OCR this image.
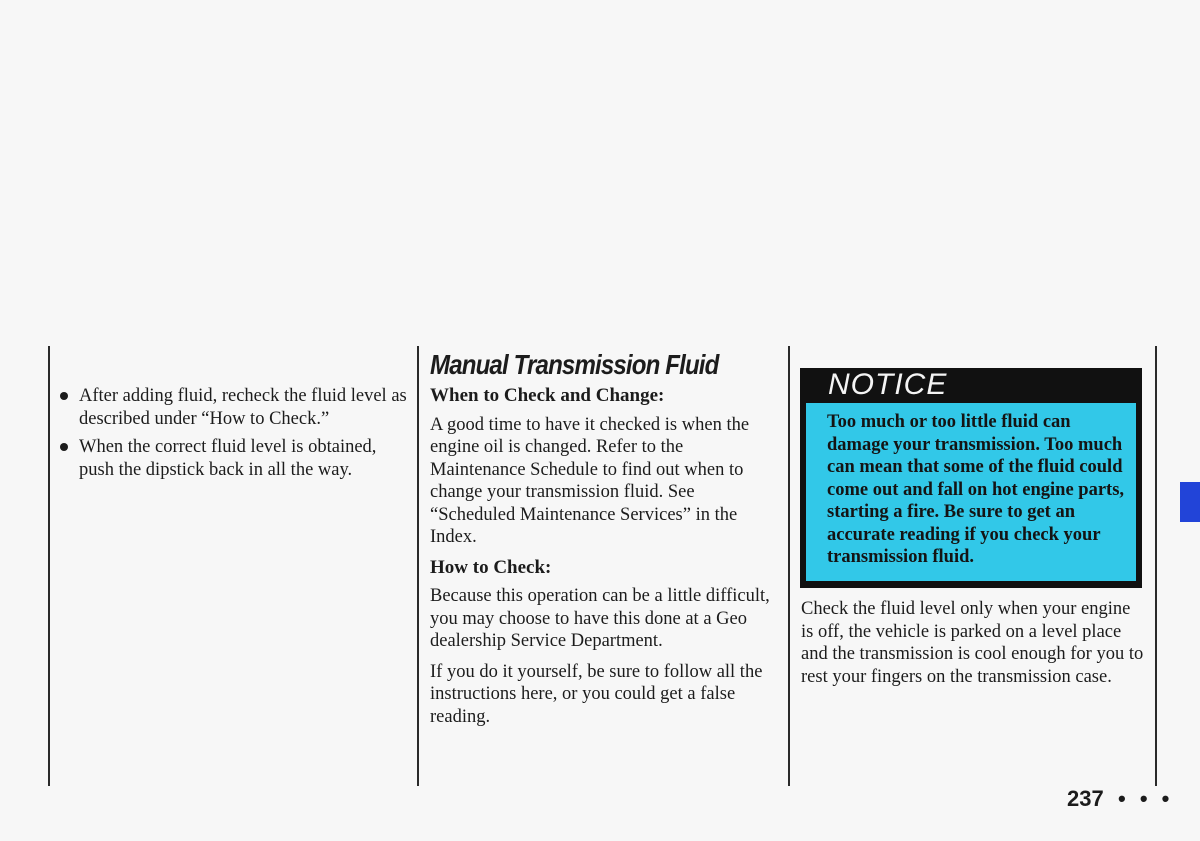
After adding fluid, recheck the fluid level as described under “How to Check.”
When the correct fluid level is obtained, push the dipstick back in all the way.
Manual Transmission Fluid
When to Check and Change:

A good time to have it checked is when the engine oil is changed. Refer to the Maintenance Schedule to find out when to change your transmission fluid. See “Scheduled Maintenance Services” in the Index.

How to Check:

Because this operation can be a little difficult, you may choose to have this done at a Geo dealership Service Department.

If you do it yourself, be sure to follow all the instructions here, or you could get a false reading.

NOTICE
Too much or too little fluid can damage your transmission. Too much can mean that some of the fluid could come out and fall on hot engine parts, starting a fire. Be sure to get an accurate reading if you check your transmission fluid.

Check the fluid level only when your engine is off, the vehicle is parked on a level place and the transmission is cool enough for you to rest your fingers on the transmission case.

237 • • •
